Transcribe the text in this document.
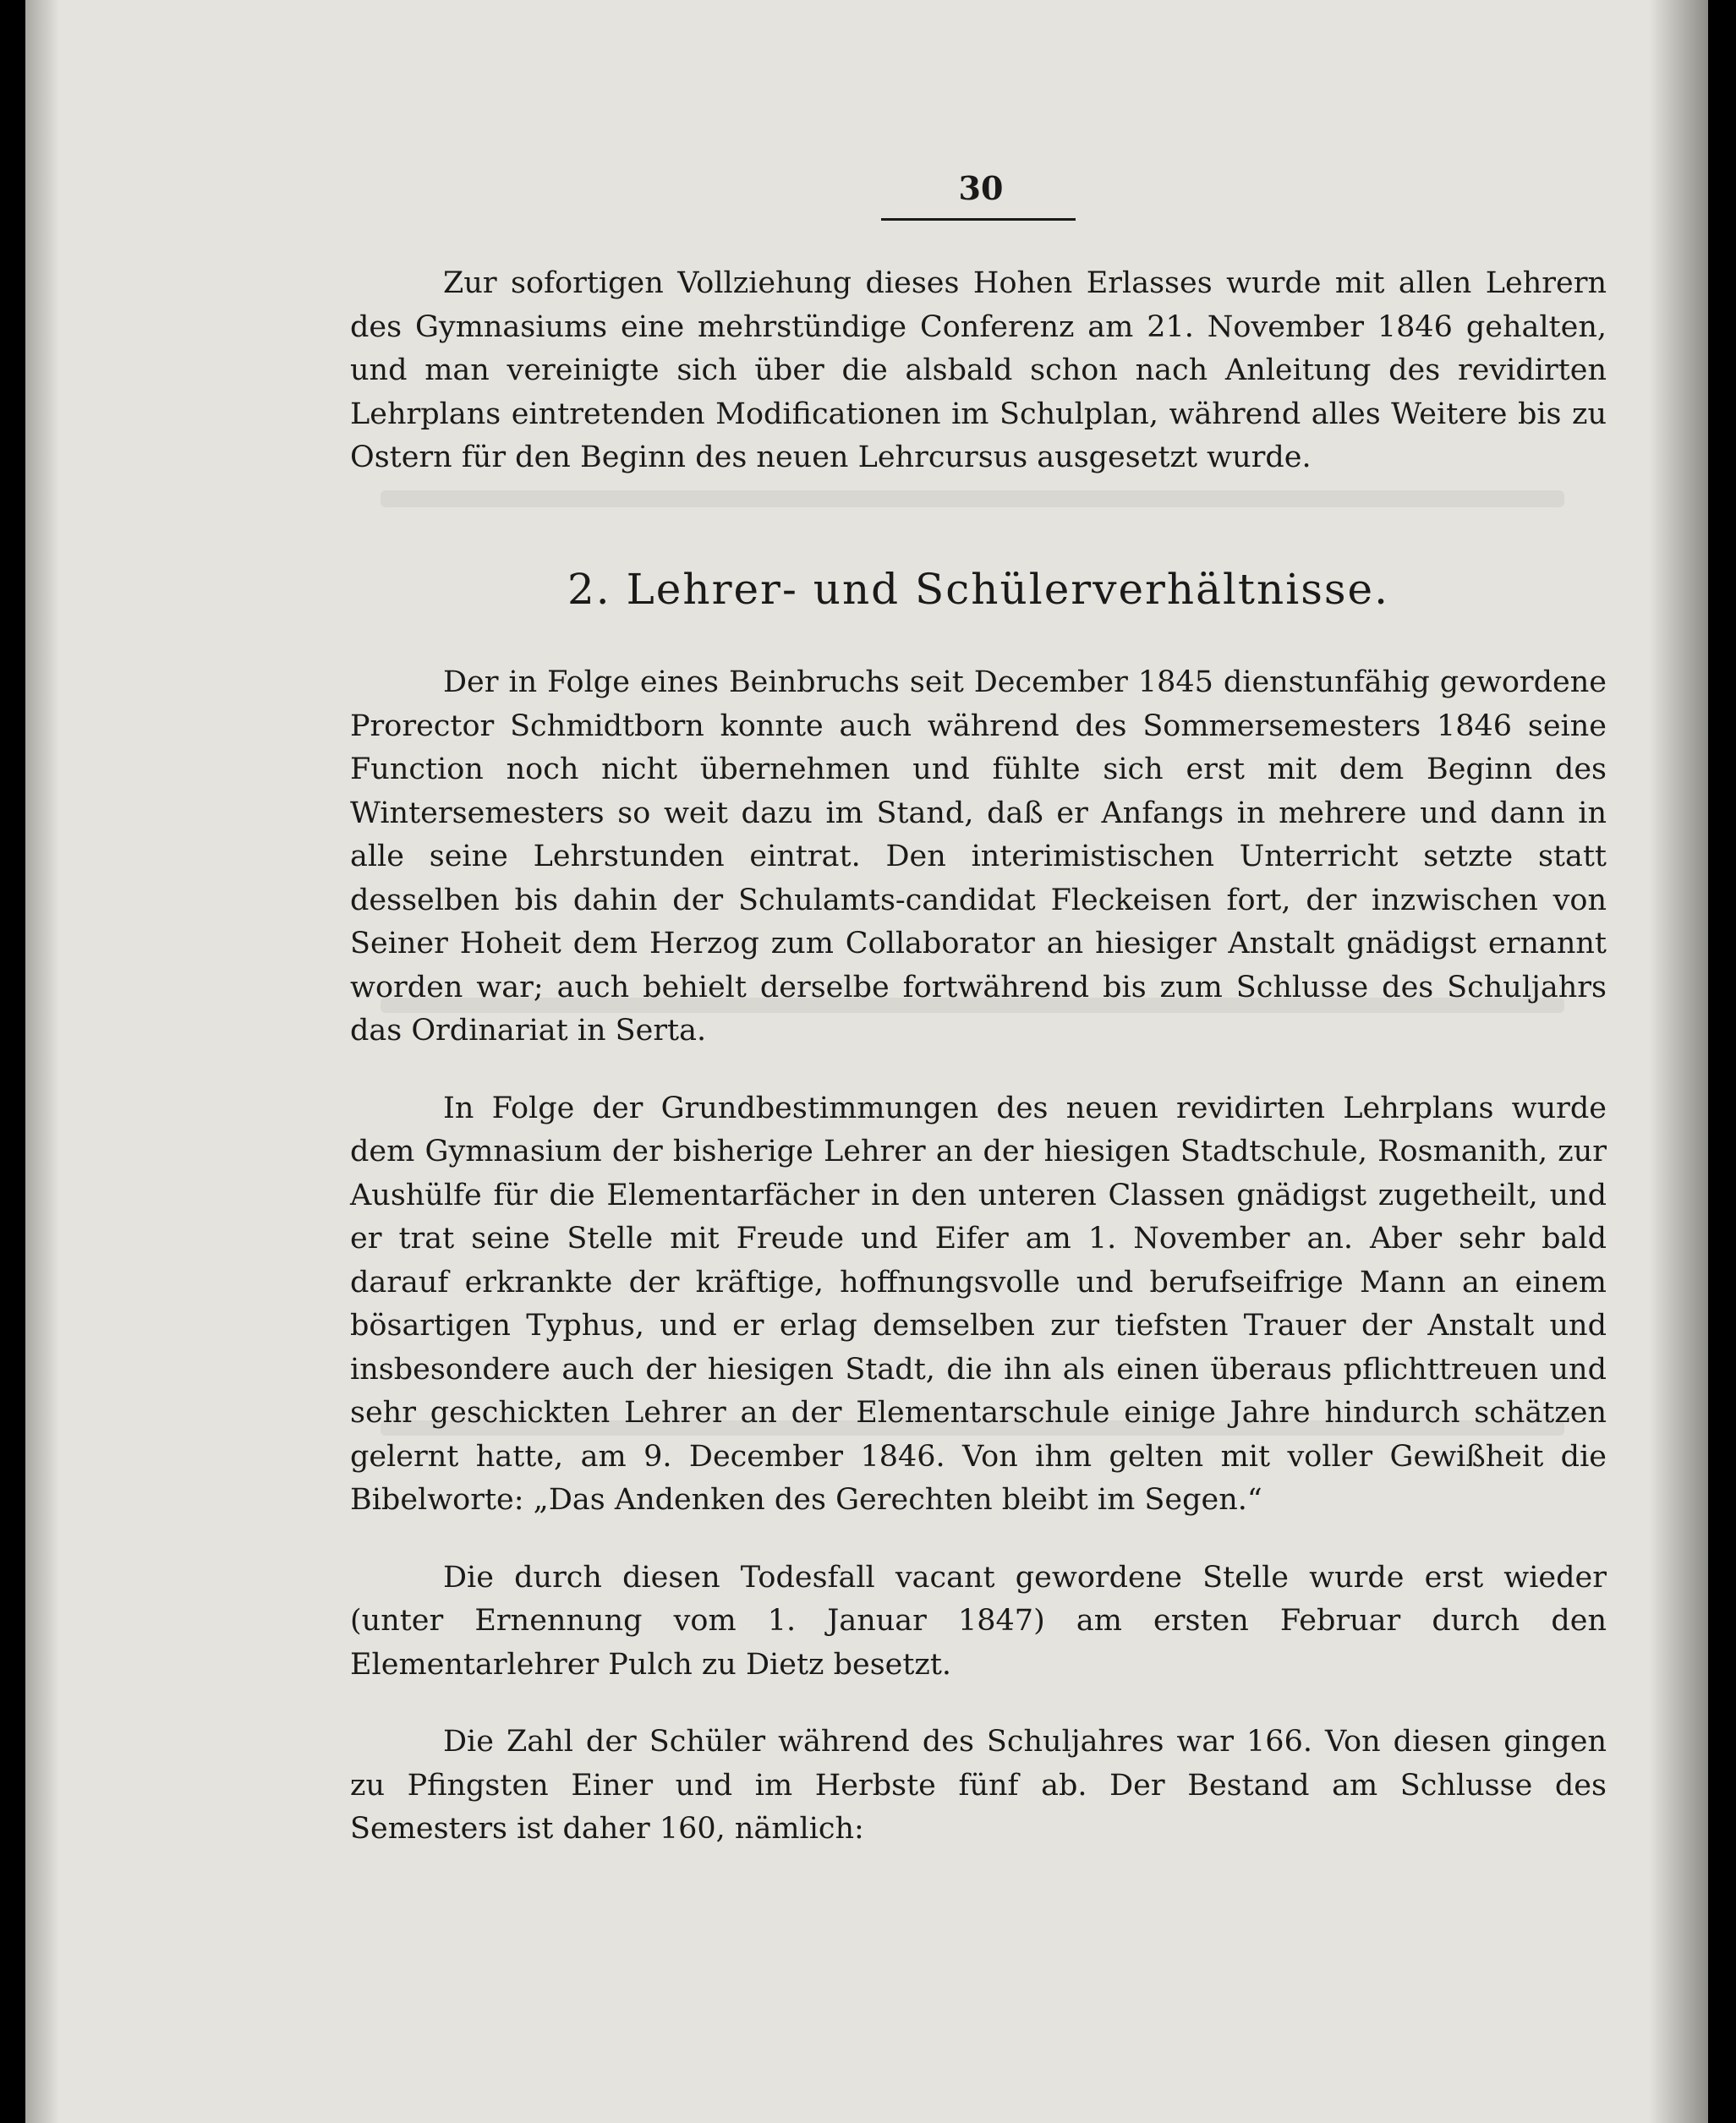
30

Zur sofortigen Vollziehung dieses Hohen Erlasses wurde mit allen Lehrern des Gymnasiums eine mehrstündige Conferenz am 21. November 1846 gehalten, und man vereinigte sich über die alsbald schon nach Anleitung des revidirten Lehrplans eintretenden Modificationen im Schulplan, während alles Weitere bis zu Ostern für den Beginn des neuen Lehrcursus ausgesetzt wurde.

2. Lehrer- und Schülerverhältnisse.

Der in Folge eines Beinbruchs seit December 1845 dienstunfähig gewordene Prorector Schmidtborn konnte auch während des Sommersemesters 1846 seine Function noch nicht übernehmen und fühlte sich erst mit dem Beginn des Wintersemesters so weit dazu im Stand, daß er Anfangs in mehrere und dann in alle seine Lehrstunden eintrat. Den interimistischen Unterricht setzte statt desselben bis dahin der Schulamts-candidat Fleckeisen fort, der inzwischen von Seiner Hoheit dem Herzog zum Collaborator an hiesiger Anstalt gnädigst ernannt worden war; auch behielt derselbe fortwährend bis zum Schlusse des Schuljahrs das Ordinariat in Serta.

In Folge der Grundbestimmungen des neuen revidirten Lehrplans wurde dem Gymnasium der bisherige Lehrer an der hiesigen Stadtschule, Rosmanith, zur Aushülfe für die Elementarfächer in den unteren Classen gnädigst zugetheilt, und er trat seine Stelle mit Freude und Eifer am 1. November an. Aber sehr bald darauf erkrankte der kräftige, hoffnungsvolle und berufseifrige Mann an einem bösartigen Typhus, und er erlag demselben zur tiefsten Trauer der Anstalt und insbesondere auch der hiesigen Stadt, die ihn als einen überaus pflichttreuen und sehr geschickten Lehrer an der Elementarschule einige Jahre hindurch schätzen gelernt hatte, am 9. December 1846. Von ihm gelten mit voller Gewißheit die Bibelworte: „Das Andenken des Gerechten bleibt im Segen.“

Die durch diesen Todesfall vacant gewordene Stelle wurde erst wieder (unter Ernennung vom 1. Januar 1847) am ersten Februar durch den Elementarlehrer Pulch zu Dietz besetzt.

Die Zahl der Schüler während des Schuljahres war 166. Von diesen gingen zu Pfingsten Einer und im Herbste fünf ab. Der Bestand am Schlusse des Semesters ist daher 160, nämlich:
